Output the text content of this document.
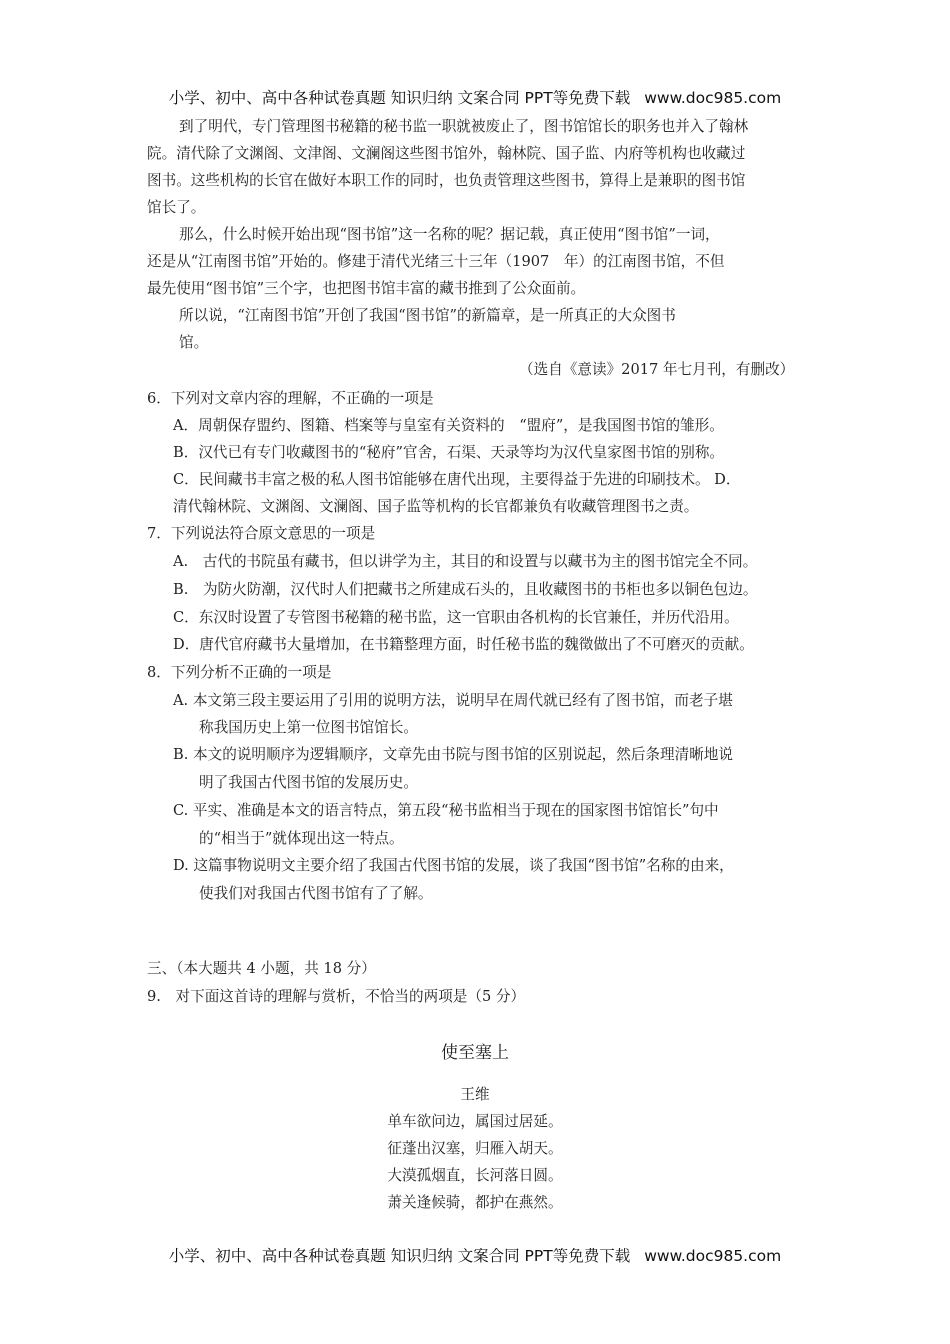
小学、初中、高中各种试卷真题 知识归纳 文案合同 PPT等免费下载 www.doc985.com
到了明代，专门管理图书秘籍的秘书监一职就被废止了，图书馆馆长的职务也并入了翰林
院。清代除了文渊阁、文津阁、文澜阁这些图书馆外，翰林院、国子监、内府等机构也收藏过
图书。这些机构的长官在做好本职工作的同时，也负责管理这些图书，算得上是兼职的图书馆
馆长了。
那么，什么时候开始出现“图书馆”这一名称的呢？据记载，真正使用“图书馆”一词，
还是从“江南图书馆”开始的。修建于清代光绪三十三年（1907　年）的江南图书馆，不但
最先使用“图书馆”三个字，也把图书馆丰富的藏书推到了公众面前。
所以说，“江南图书馆”开创了我国“图书馆”的新篇章，是一所真正的大众图书
馆。
（选自《意读》2017 年七月刊，有删改）
6．下列对文章内容的理解，不正确的一项是
A．周朝保存盟约、图籍、档案等与皇室有关资料的　“盟府”，是我国图书馆的雏形。
B．汉代已有专门收藏图书的“秘府”官舍，石渠、天录等均为汉代皇家图书馆的别称。
C．民间藏书丰富之极的私人图书馆能够在唐代出现，主要得益于先进的印刷技术。 D．
清代翰林院、文渊阁、文澜阁、国子监等机构的长官都兼负有收藏管理图书之责。
7．下列说法符合原文意思的一项是
A.　古代的书院虽有藏书，但以讲学为主，其目的和设置与以藏书为主的图书馆完全不同。
B.　为防火防潮，汉代时人们把藏书之所建成石头的，且收藏图书的书柜也多以铜色包边。
C．东汉时设置了专管图书秘籍的秘书监，这一官职由各机构的长官兼任，并历代沿用。
D．唐代官府藏书大量增加，在书籍整理方面，时任秘书监的魏徵做出了不可磨灭的贡献。
8．下列分析不正确的一项是
A. 本文第三段主要运用了引用的说明方法，说明早在周代就已经有了图书馆，而老子堪
称我国历史上第一位图书馆馆长。
B. 本文的说明顺序为逻辑顺序，文章先由书院与图书馆的区别说起，然后条理清晰地说
明了我国古代图书馆的发展历史。
C. 平实、准确是本文的语言特点，第五段“秘书监相当于现在的国家图书馆馆长”句中
的“相当于”就体现出这一特点。
D. 这篇事物说明文主要介绍了我国古代图书馆的发展，谈了我国“图书馆”名称的由来，
使我们对我国古代图书馆有了了解。
三、（本大题共 4 小题，共 18 分）
9.　对下面这首诗的理解与赏析，不恰当的两项是（5 分）
使至塞上
王维
单车欲问边，属国过居延。
征蓬出汉塞，归雁入胡天。
大漠孤烟直，长河落日圆。
萧关逢候骑，都护在燕然。
小学、初中、高中各种试卷真题 知识归纳 文案合同 PPT等免费下载 www.doc985.com
